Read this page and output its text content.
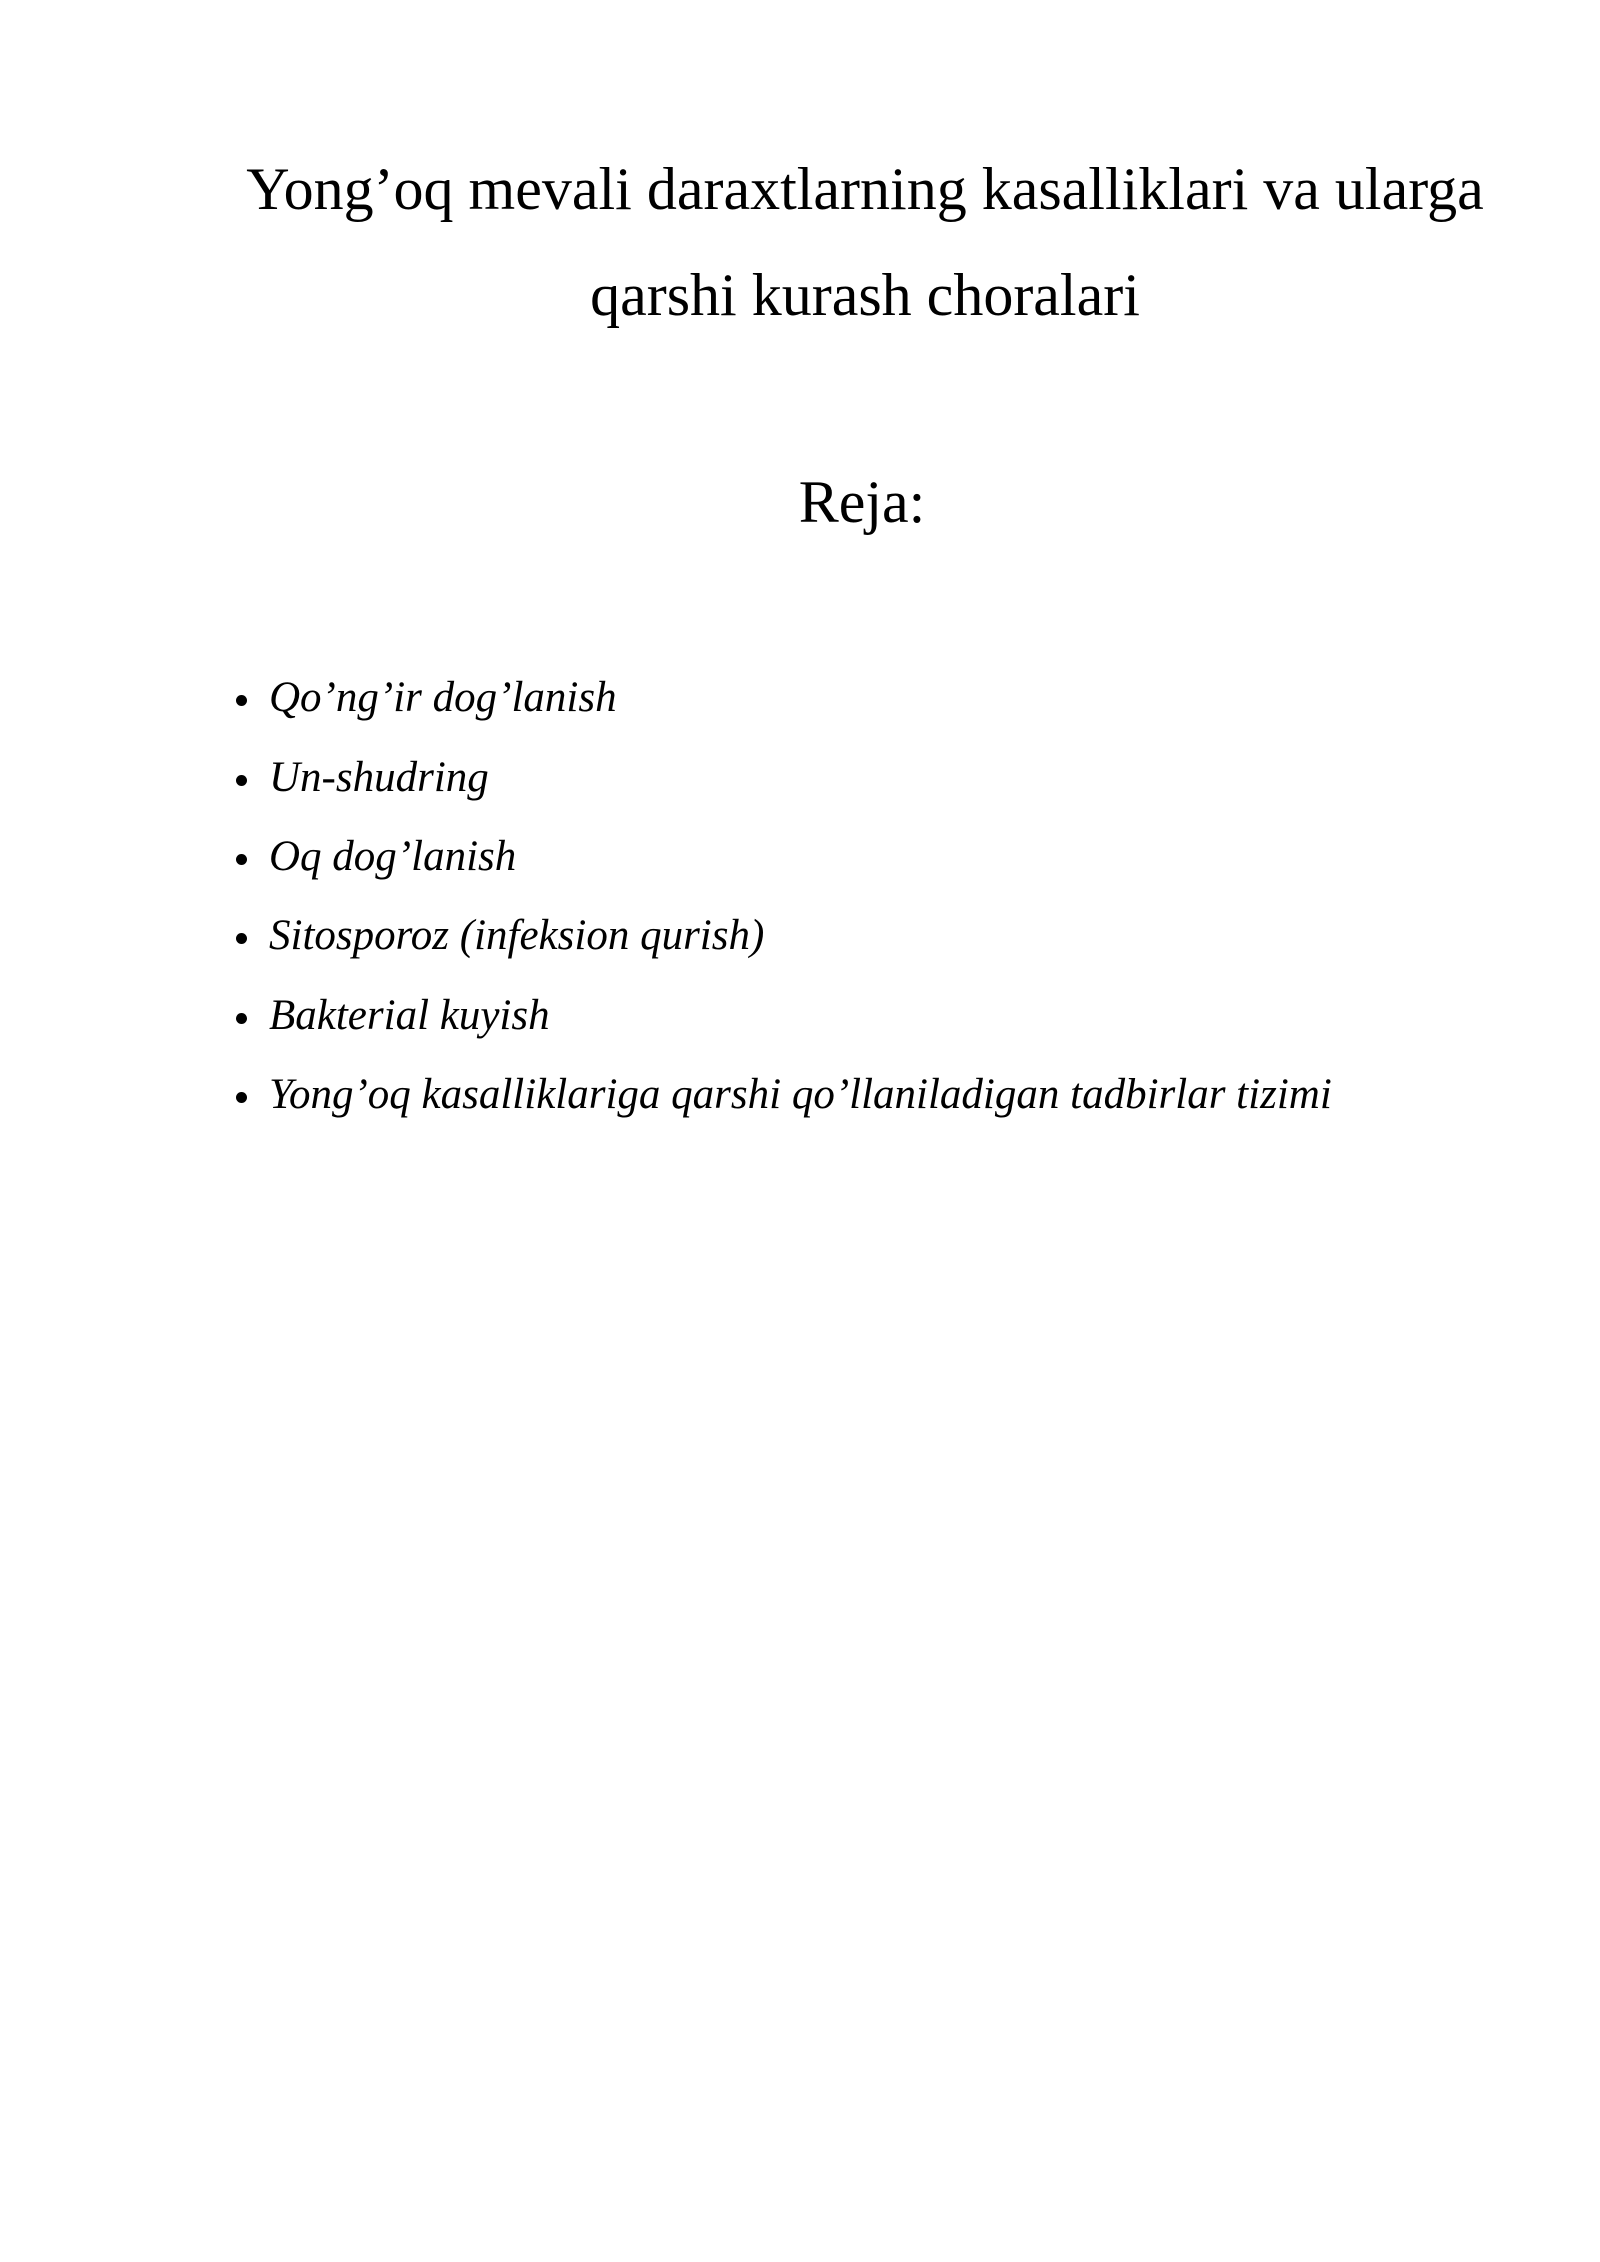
Yong’oq mevali daraxtlarning kasalliklari va ularga
qarshi kurash choralari
Reja:
Qo’ng’ir dog’lanish
Un-shudring
Oq dog’lanish
Sitosporoz (infeksion qurish)
Bakterial kuyish
Yong’oq kasalliklariga qarshi qo’llaniladigan tadbirlar tizimi
